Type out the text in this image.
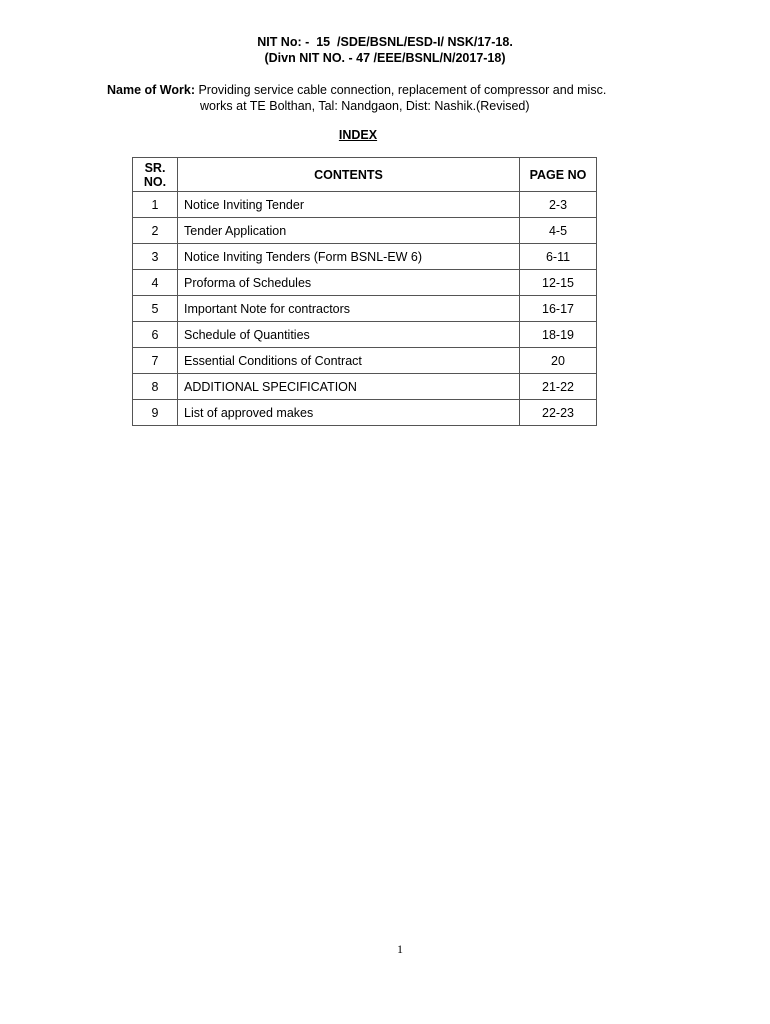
NIT No: -  15  /SDE/BSNL/ESD-I/ NSK/17-18.
(Divn NIT NO. - 47 /EEE/BSNL/N/2017-18)
Name of Work: Providing service cable connection, replacement of compressor and misc.
works at TE Bolthan, Tal: Nandgaon, Dist: Nashik.(Revised)
INDEX
SR. NO.	CONTENTS	PAGE NO
1	Notice Inviting Tender	2-3
2	Tender Application	4-5
3	Notice Inviting Tenders (Form BSNL-EW 6)	6-11
4	Proforma of Schedules	12-15
5	Important Note for contractors	16-17
6	Schedule of Quantities	18-19
7	Essential Conditions of Contract	20
8	ADDITIONAL SPECIFICATION	21-22
9	List of approved makes	22-23
1
